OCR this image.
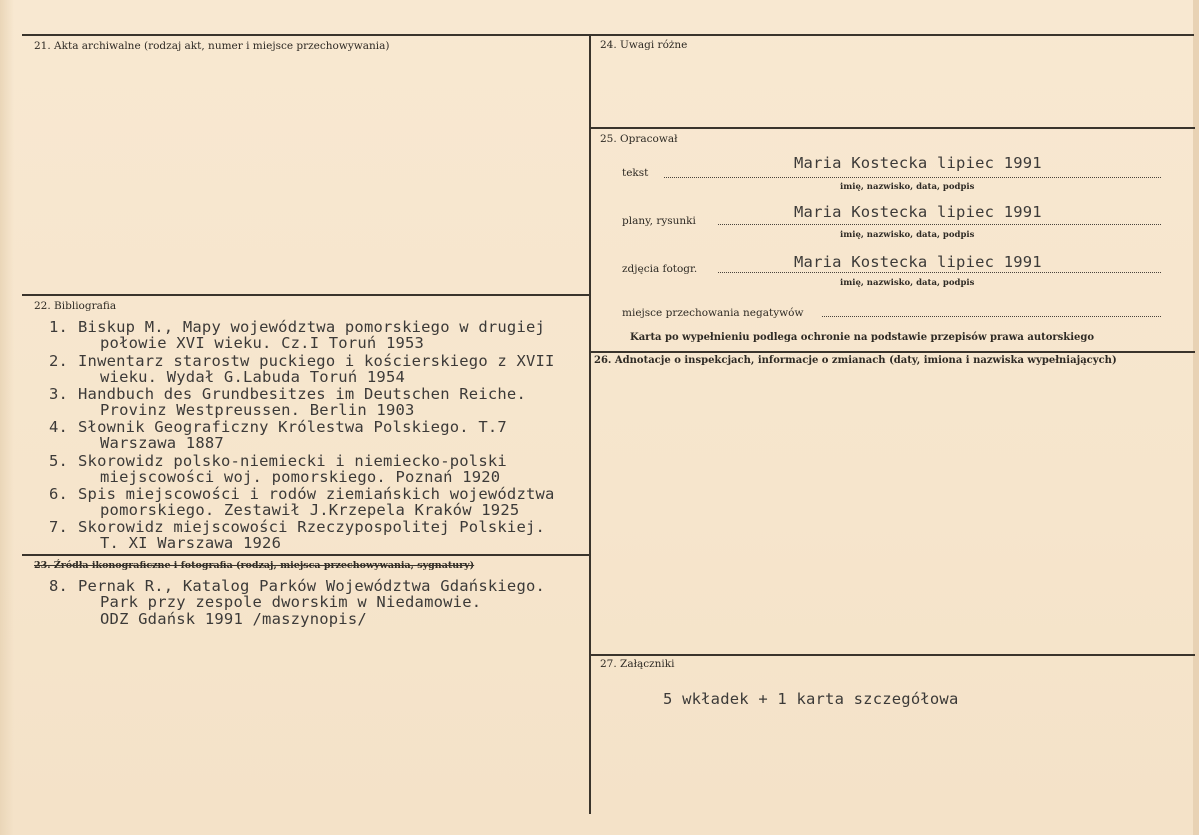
21. Akta archiwalne (rodzaj akt, numer i miejsce przechowywania)
22. Bibliografia
1. Biskup M., Mapy województwa pomorskiego w drugiej
połowie XVI wieku. Cz.I Toruń 1953
2. Inwentarz starostw puckiego i kościerskiego z XVII
wieku. Wydał G.Labuda Toruń 1954
3. Handbuch des Grundbesitzes im Deutschen Reiche.
Provinz Westpreussen. Berlin 1903
4. Słownik Geograficzny Królestwa Polskiego. T.7
Warszawa 1887
5. Skorowidz polsko-niemiecki i niemiecko-polski
miejscowości woj. pomorskiego. Poznań 1920
6. Spis miejscowości i rodów ziemiańskich województwa
pomorskiego. Zestawił J.Krzepela Kraków 1925
7. Skorowidz miejscowości Rzeczypospolitej Polskiej.
T. XI Warszawa 1926
23. Źródła ikonograficzne i fotografia (rodzaj, miejsca przechowywania, sygnatury)
8. Pernak R., Katalog Parków Województwa Gdańskiego.
Park przy zespole dworskim w Niedamowie.
ODZ Gdańsk 1991 /maszynopis/
24. Uwagi różne
25. Opracował
tekst
Maria Kostecka lipiec 1991
imię, nazwisko, data, podpis
plany, rysunki	Maria Kostecka lipiec 1991
imię, nazwisko, data, podpis
zdjęcia fotogr.	Maria Kostecka lipiec 1991
imię, nazwisko, data, podpis
miejsce przechowania negatywów
Karta po wypełnieniu podlega ochronie na podstawie przepisów prawa autorskiego
26. Adnotacje o inspekcjach, informacje o zmianach (daty, imiona i nazwiska wypełniających)
27. Załączniki
5 wkładek + 1 karta szczegółowa
